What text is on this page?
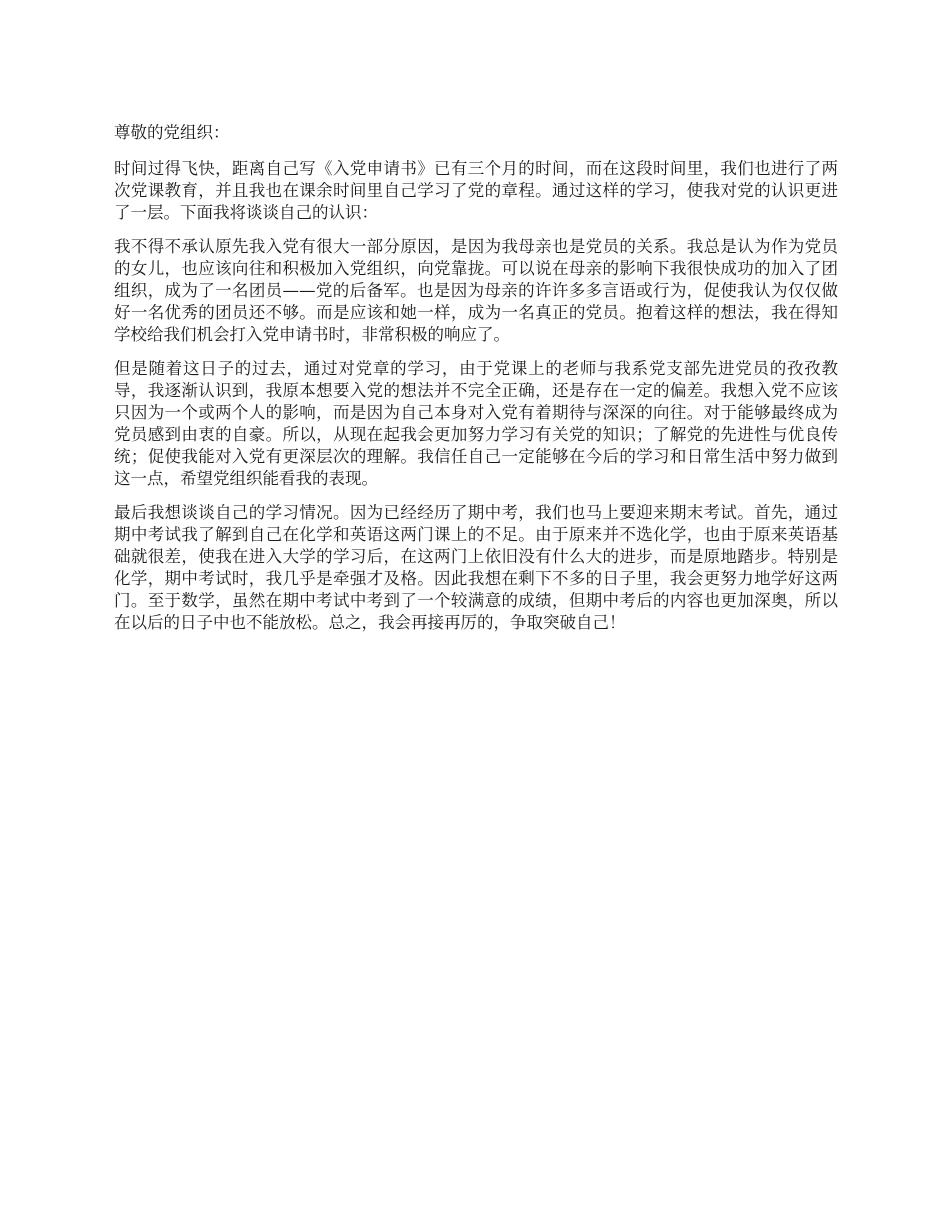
尊敬的党组织：

时间过得飞快，距离自己写《入党申请书》已有三个月的时间，而在这段时间里，我们也进行了两次党课教育，并且我也在课余时间里自己学习了党的章程。通过这样的学习，使我对党的认识更进了一层。下面我将谈谈自己的认识：

我不得不承认原先我入党有很大一部分原因，是因为我母亲也是党员的关系。我总是认为作为党员的女儿，也应该向往和积极加入党组织，向党靠拢。可以说在母亲的影响下我很快成功的加入了团组织，成为了一名团员——党的后备军。也是因为母亲的许许多多言语或行为，促使我认为仅仅做好一名优秀的团员还不够。而是应该和她一样，成为一名真正的党员。抱着这样的想法，我在得知学校给我们机会打入党申请书时，非常积极的响应了。

但是随着这日子的过去，通过对党章的学习，由于党课上的老师与我系党支部先进党员的孜孜教导，我逐渐认识到，我原本想要入党的想法并不完全正确，还是存在一定的偏差。我想入党不应该只因为一个或两个人的影响，而是因为自己本身对入党有着期待与深深的向往。对于能够最终成为党员感到由衷的自豪。所以，从现在起我会更加努力学习有关党的知识；了解党的先进性与优良传统；促使我能对入党有更深层次的理解。我信任自己一定能够在今后的学习和日常生活中努力做到这一点，希望党组织能看我的表现。

最后我想谈谈自己的学习情况。因为已经经历了期中考，我们也马上要迎来期末考试。首先，通过期中考试我了解到自己在化学和英语这两门课上的不足。由于原来并不选化学，也由于原来英语基础就很差，使我在进入大学的学习后，在这两门上依旧没有什么大的进步，而是原地踏步。特别是化学，期中考试时，我几乎是牵强才及格。因此我想在剩下不多的日子里，我会更努力地学好这两门。至于数学，虽然在期中考试中考到了一个较满意的成绩，但期中考后的内容也更加深奥，所以在以后的日子中也不能放松。总之，我会再接再厉的，争取突破自己！
